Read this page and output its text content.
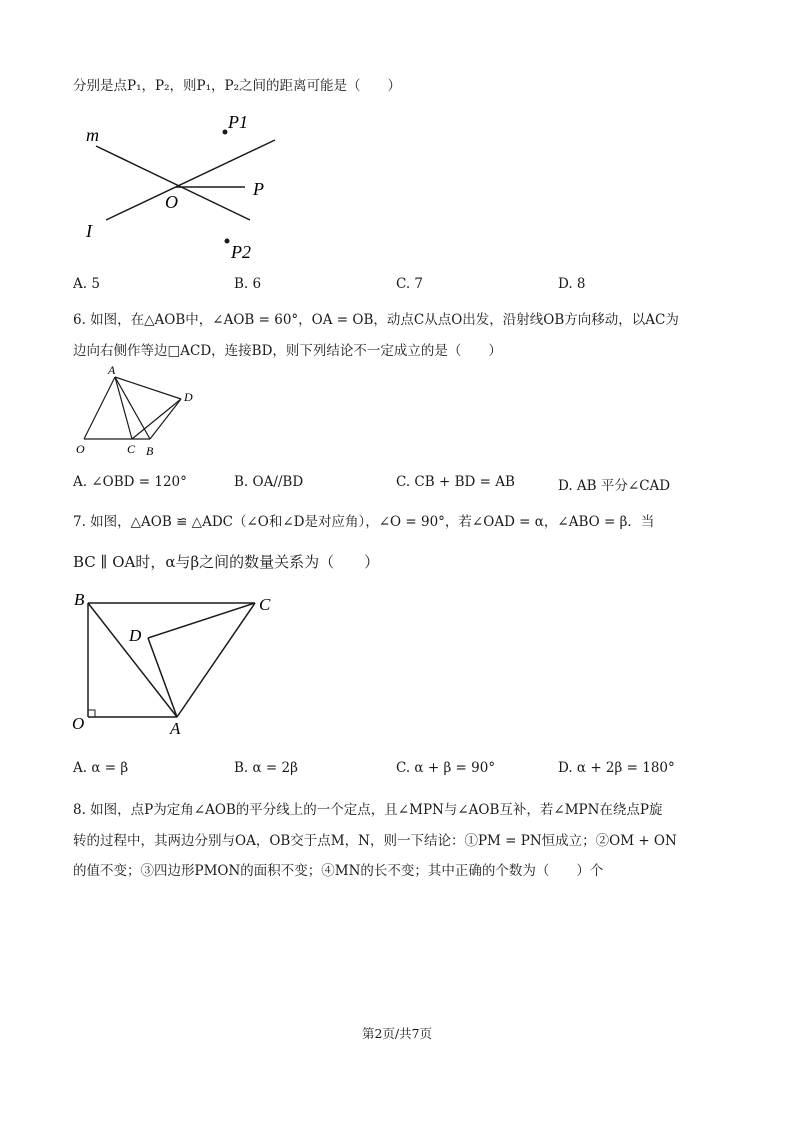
分别是点P₁，P₂，则P₁，P₂之间的距离可能是（　　）
m
I
O
P
P1
P2
A. 5	B. 6	C. 7	D. 8
6. 如图，在△AOB中，∠AOB = 60°，OA = OB，动点C从点O出发，沿射线OB方向移动，以AC为
边向右侧作等边□ACD，连接BD，则下列结论不一定成立的是（　　）
A
O	C B
D
A. ∠OBD = 120°	B. OA//BD	C. CB + BD = AB	D. AB 平分∠CAD
7. 如图，△AOB ≌ △ADC（∠O和∠D是对应角），∠O = 90°，若∠OAD = α，∠ABO = β．当
BC ∥ OA时，α与β之间的数量关系为（　　）
B	C
D
O	A
A. α = β	B. α = 2β	C. α + β = 90°	D. α + 2β = 180°
8. 如图，点P为定角∠AOB的平分线上的一个定点，且∠MPN与∠AOB互补，若∠MPN在绕点P旋
转的过程中，其两边分别与OA，OB交于点M，N，则一下结论：①PM = PN恒成立；②OM + ON
的值不变；③四边形PMON的面积不变；④MN的长不变；其中正确的个数为（　　）个
第2页/共7页
